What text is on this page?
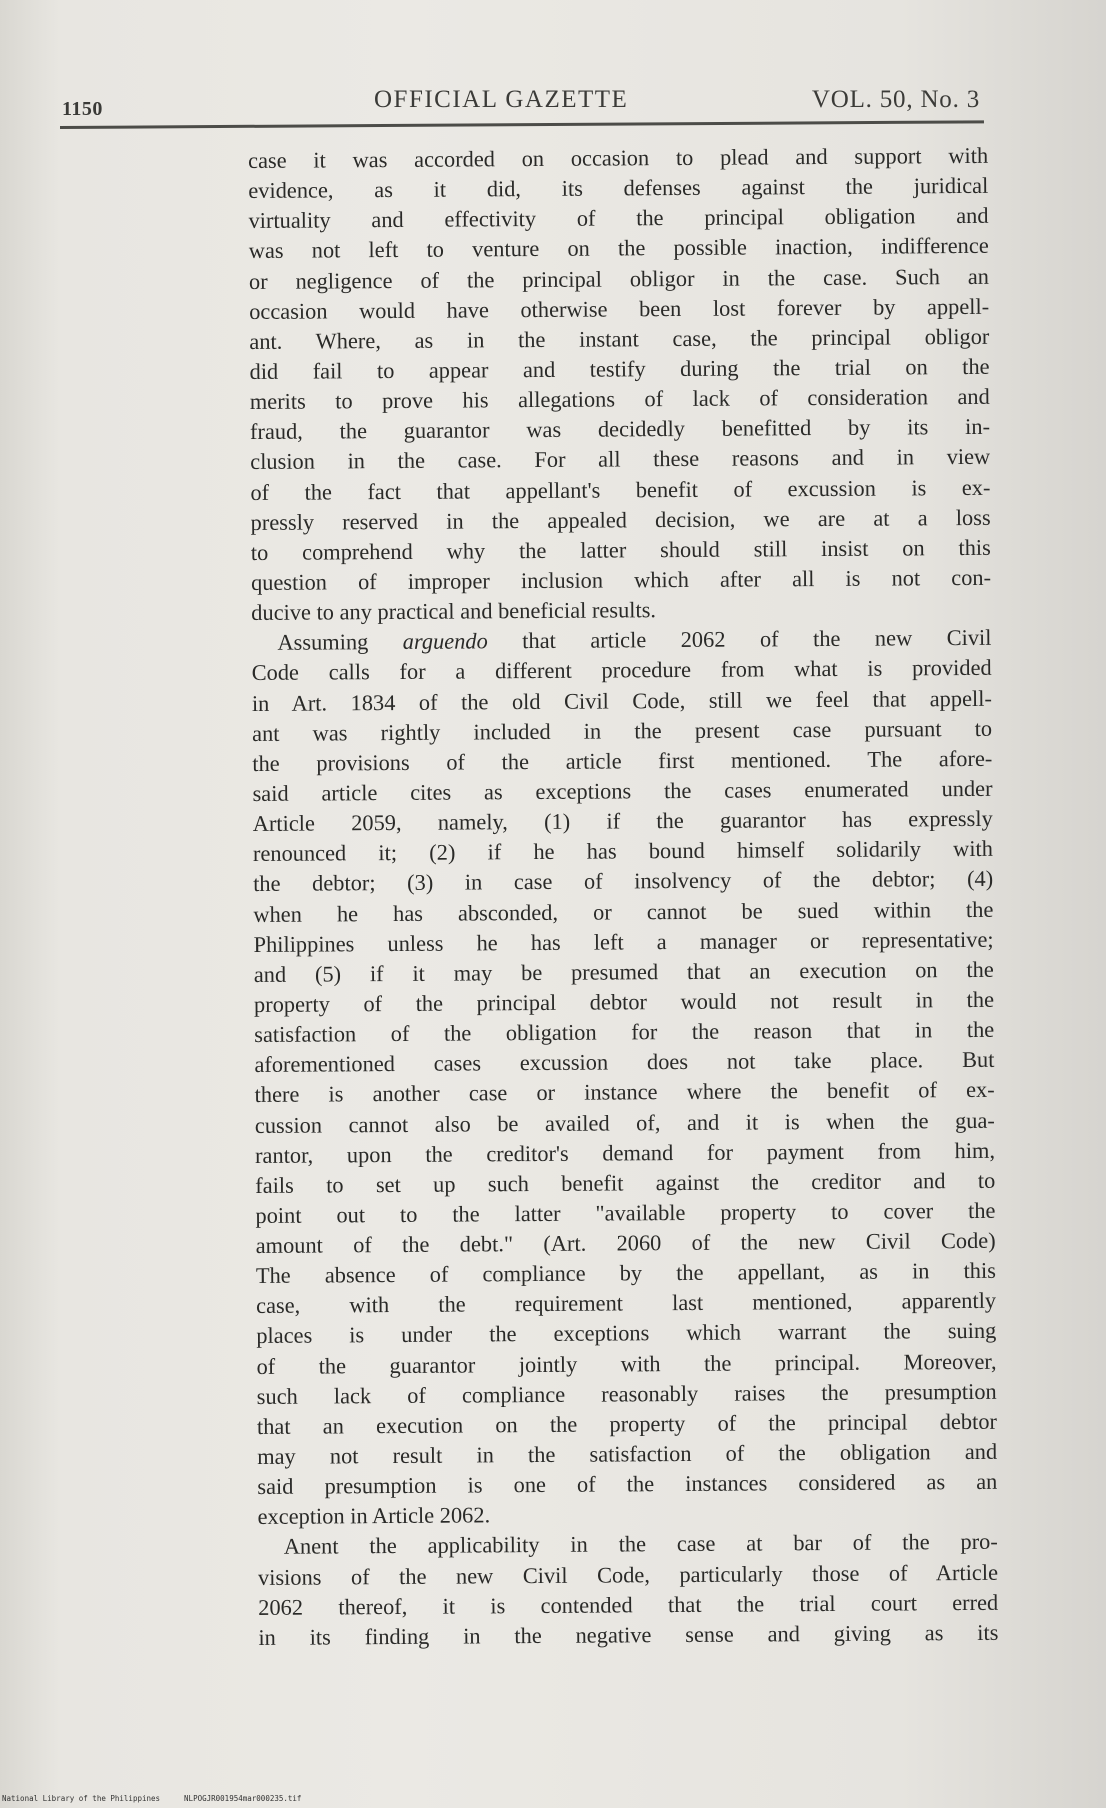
1150	OFFICIAL GAZETTE	VOL. 50, No. 3
case it was accorded on occasion to plead and support with
evidence, as it did, its defenses against the juridical
virtuality and effectivity of the principal obligation and
was not left to venture on the possible inaction, indifference
or negligence of the principal obligor in the case. Such an
occasion would have otherwise been lost forever by appell-
ant. Where, as in the instant case, the principal obligor
did fail to appear and testify during the trial on the
merits to prove his allegations of lack of consideration and
fraud, the guarantor was decidedly benefitted by its in-
clusion in the case. For all these reasons and in view
of the fact that appellant's benefit of excussion is ex-
pressly reserved in the appealed decision, we are at a loss
to comprehend why the latter should still insist on this
question of improper inclusion which after all is not con-
ducive to any practical and beneficial results.
Assuming arguendo that article 2062 of the new Civil
Code calls for a different procedure from what is provided
in Art. 1834 of the old Civil Code, still we feel that appell-
ant was rightly included in the present case pursuant to
the provisions of the article first mentioned. The afore-
said article cites as exceptions the cases enumerated under
Article 2059, namely, (1) if the guarantor has expressly
renounced it; (2) if he has bound himself solidarily with
the debtor; (3) in case of insolvency of the debtor; (4)
when he has absconded, or cannot be sued within the
Philippines unless he has left a manager or representative;
and (5) if it may be presumed that an execution on the
property of the principal debtor would not result in the
satisfaction of the obligation for the reason that in the
aforementioned cases excussion does not take place. But
there is another case or instance where the benefit of ex-
cussion cannot also be availed of, and it is when the gua-
rantor, upon the creditor's demand for payment from him,
fails to set up such benefit against the creditor and to
point out to the latter "available property to cover the
amount of the debt." (Art. 2060 of the new Civil Code)
The absence of compliance by the appellant, as in this
case, with the requirement last mentioned, apparently
places is under the exceptions which warrant the suing
of the guarantor jointly with the principal. Moreover,
such lack of compliance reasonably raises the presumption
that an execution on the property of the principal debtor
may not result in the satisfaction of the obligation and
said presumption is one of the instances considered as an
exception in Article 2062.
Anent the applicability in the case at bar of the pro-
visions of the new Civil Code, particularly those of Article
2062 thereof, it is contended that the trial court erred
in its finding in the negative sense and giving as its
National Library of the Philippines	NLPOGJR001954mar000235.tif
